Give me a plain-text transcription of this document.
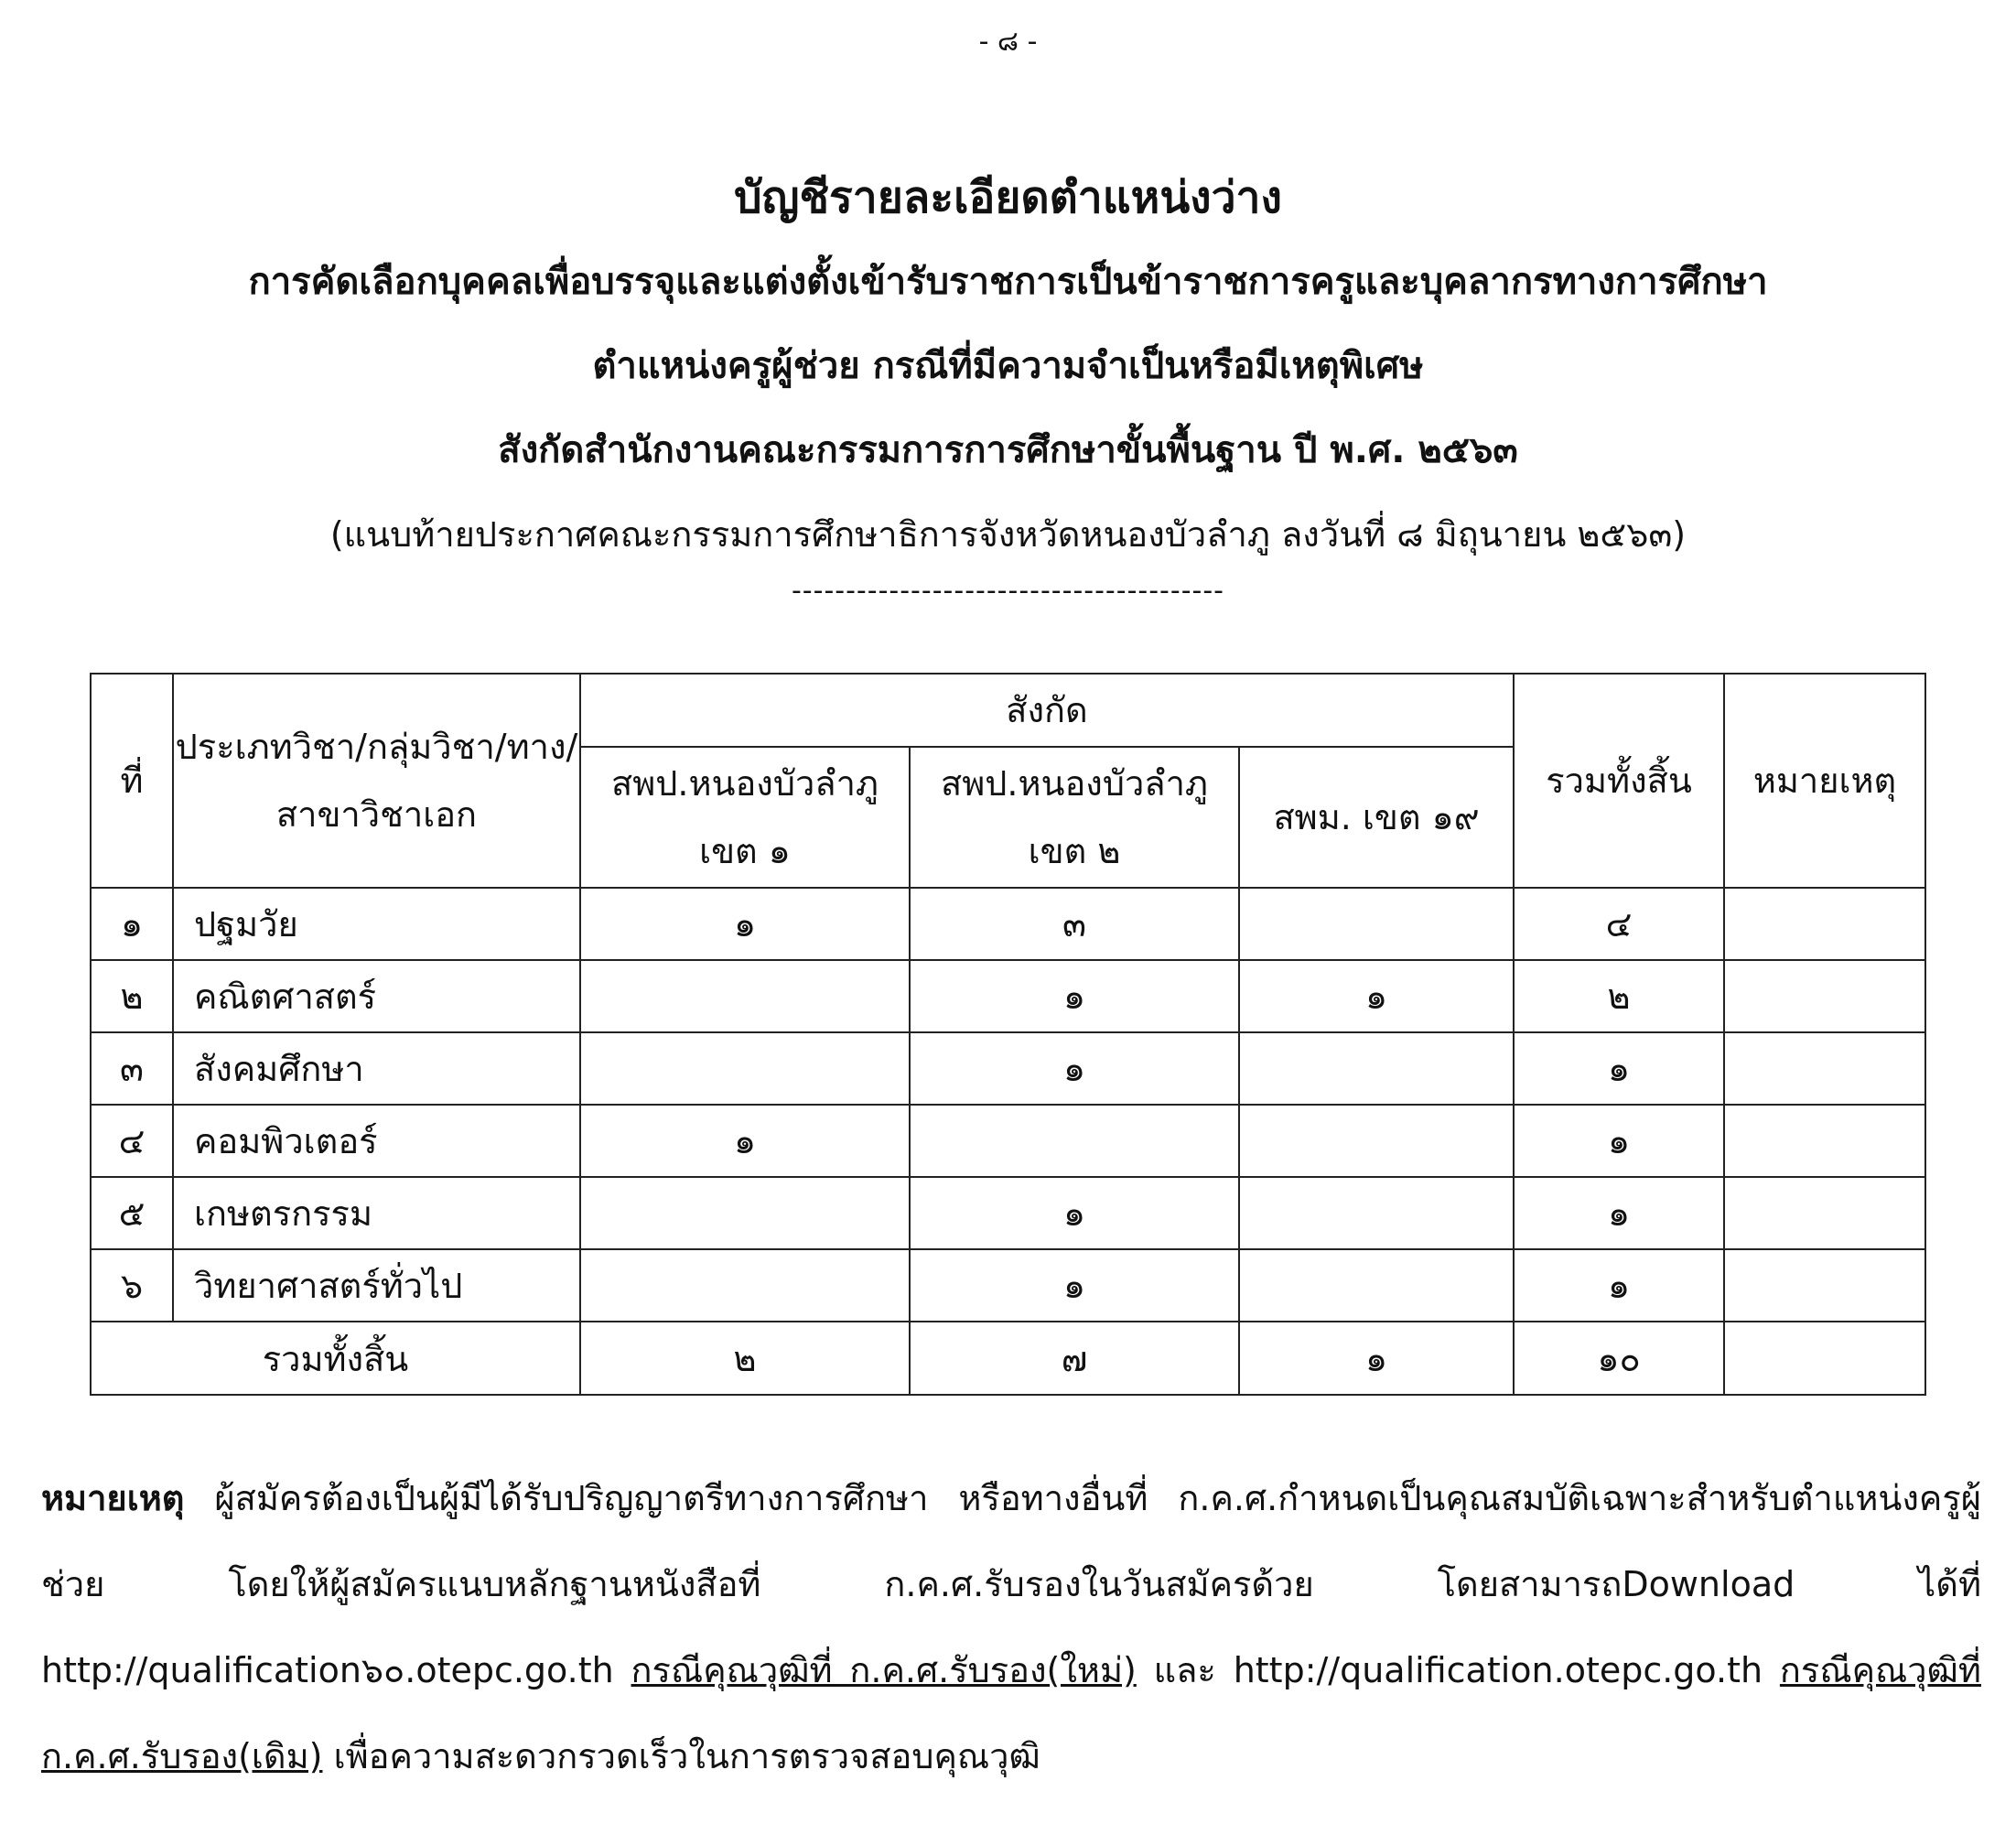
- ๘ -
บัญชีรายละเอียดตำแหน่งว่าง
การคัดเลือกบุคคลเพื่อบรรจุและแต่งตั้งเข้ารับราชการเป็นข้าราชการครูและบุคลากรทางการศึกษา
ตำแหน่งครูผู้ช่วย กรณีที่มีความจำเป็นหรือมีเหตุพิเศษ
สังกัดสำนักงานคณะกรรมการการศึกษาขั้นพื้นฐาน ปี พ.ศ. ๒๕๖๓
(แนบท้ายประกาศคณะกรรมการศึกษาธิการจังหวัดหนองบัวลำภู ลงวันที่ ๘ มิถุนายน ๒๕๖๓)
----------------------------------------
ที่	ประเภทวิชา/กลุ่มวิชา/ทาง/สาขาวิชาเอก	สังกัด			รวมทั้งสิ้น	หมายเหตุ
		สพป.หนองบัวลำภู เขต ๑	สพป.หนองบัวลำภู เขต ๒	สพม. เขต ๑๙		
๑	ปฐมวัย	๑	๓		๔	
๒	คณิตศาสตร์		๑	๑	๒	
๓	สังคมศึกษา		๑		๑	
๔	คอมพิวเตอร์	๑			๑	
๕	เกษตรกรรม		๑		๑	
๖	วิทยาศาสตร์ทั่วไป		๑		๑	
รวมทั้งสิ้น		๒	๗	๑	๑๐	
หมายเหตุ ผู้สมัครต้องเป็นผู้มีได้รับปริญญาตรีทางการศึกษา หรือทางอื่นที่ ก.ค.ศ.กำหนดเป็นคุณสมบัติเฉพาะสำหรับตำแหน่งครูผู้ช่วย โดยให้ผู้สมัครแนบหลักฐานหนังสือที่ ก.ค.ศ.รับรองในวันสมัครด้วย โดยสามารถDownload ได้ที่ http://qualification๖๐.otepc.go.th กรณีคุณวุฒิที่ ก.ค.ศ.รับรอง(ใหม่) และ http://qualification.otepc.go.th กรณีคุณวุฒิที่ ก.ค.ศ.รับรอง(เดิม) เพื่อความสะดวกรวดเร็วในการตรวจสอบคุณวุฒิ
